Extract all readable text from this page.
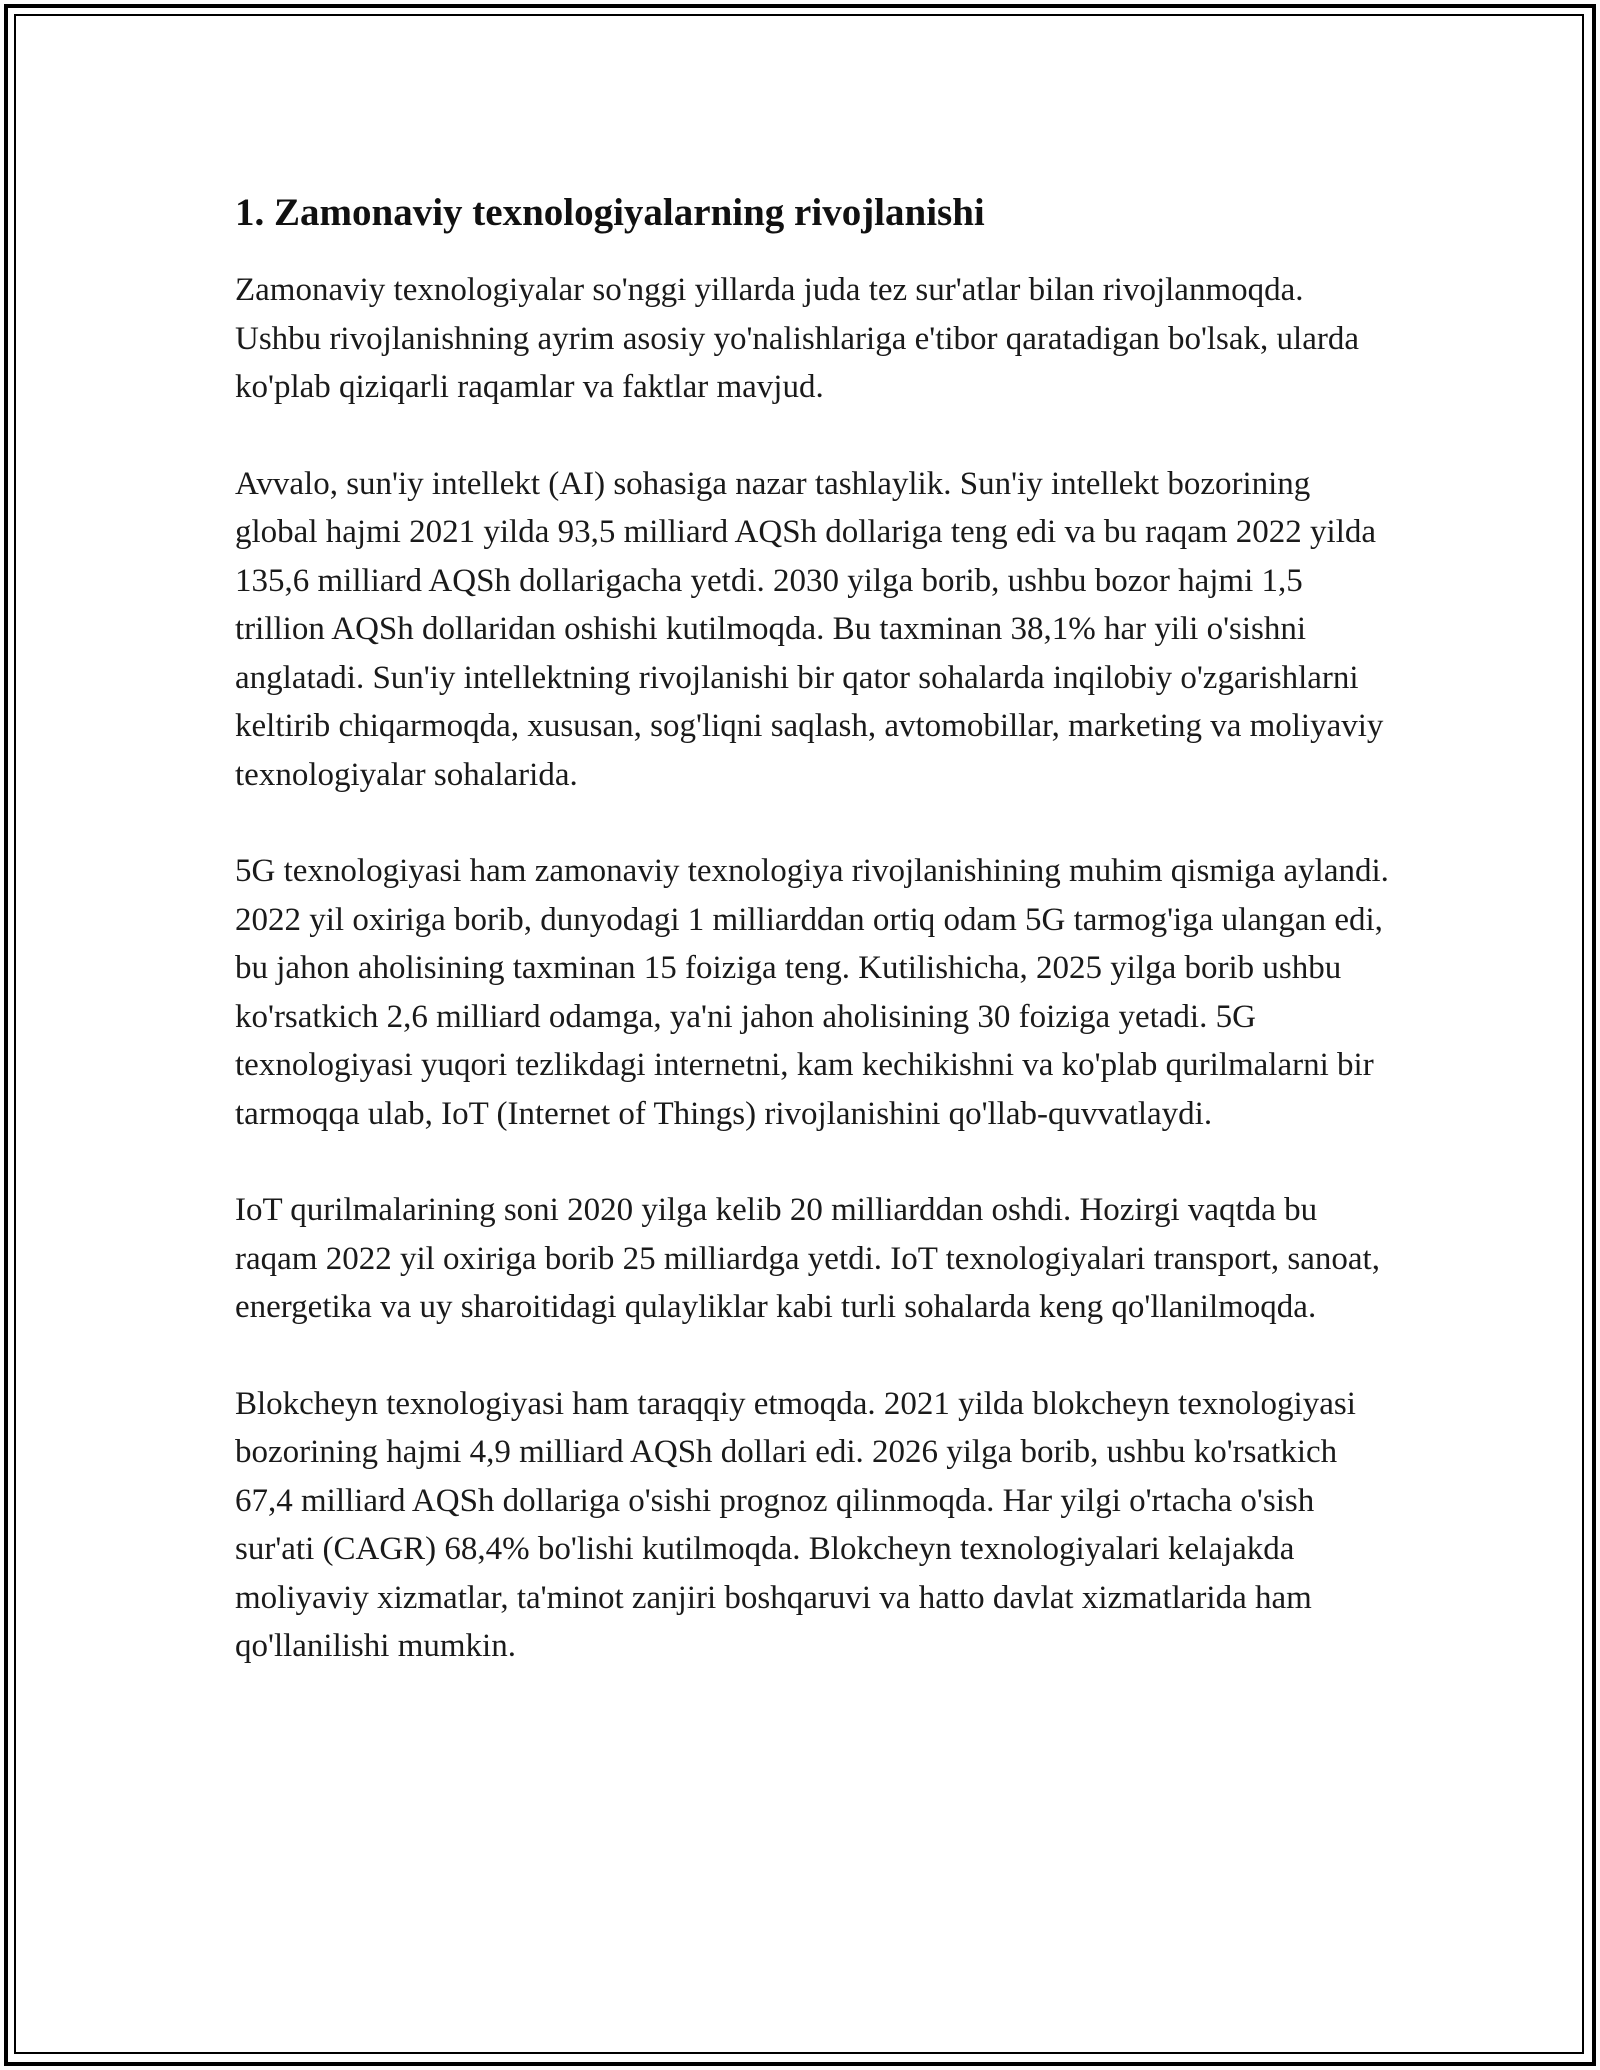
1. Zamonaviy texnologiyalarning rivojlanishi

Zamonaviy texnologiyalar so'nggi yillarda juda tez sur'atlar bilan rivojlanmoqda. Ushbu rivojlanishning ayrim asosiy yo'nalishlariga e'tibor qaratadigan bo'lsak, ularda ko'plab qiziqarli raqamlar va faktlar mavjud.

Avvalo, sun'iy intellekt (AI) sohasiga nazar tashlaylik. Sun'iy intellekt bozorining global hajmi 2021 yilda 93,5 milliard AQSh dollariga teng edi va bu raqam 2022 yilda 135,6 milliard AQSh dollarigacha yetdi. 2030 yilga borib, ushbu bozor hajmi 1,5 trillion AQSh dollaridan oshishi kutilmoqda. Bu taxminan 38,1% har yili o'sishni anglatadi. Sun'iy intellektning rivojlanishi bir qator sohalarda inqilobiy o'zgarishlarni keltirib chiqarmoqda, xususan, sog'liqni saqlash, avtomobillar, marketing va moliyaviy texnologiyalar sohalarida.

5G texnologiyasi ham zamonaviy texnologiya rivojlanishining muhim qismiga aylandi. 2022 yil oxiriga borib, dunyodagi 1 milliarddan ortiq odam 5G tarmog'iga ulangan edi, bu jahon aholisining taxminan 15 foiziga teng. Kutilishicha, 2025 yilga borib ushbu ko'rsatkich 2,6 milliard odamga, ya'ni jahon aholisining 30 foiziga yetadi. 5G texnologiyasi yuqori tezlikdagi internetni, kam kechikishni va ko'plab qurilmalarni bir tarmoqqa ulab, IoT (Internet of Things) rivojlanishini qo'llab-quvvatlaydi.

IoT qurilmalarining soni 2020 yilga kelib 20 milliarddan oshdi. Hozirgi vaqtda bu raqam 2022 yil oxiriga borib 25 milliardga yetdi. IoT texnologiyalari transport, sanoat, energetika va uy sharoitidagi qulayliklar kabi turli sohalarda keng qo'llanilmoqda.

Blokcheyn texnologiyasi ham taraqqiy etmoqda. 2021 yilda blokcheyn texnologiyasi bozorining hajmi 4,9 milliard AQSh dollari edi. 2026 yilga borib, ushbu ko'rsatkich 67,4 milliard AQSh dollariga o'sishi prognoz qilinmoqda. Har yilgi o'rtacha o'sish sur'ati (CAGR) 68,4% bo'lishi kutilmoqda. Blokcheyn texnologiyalari kelajakda moliyaviy xizmatlar, ta'minot zanjiri boshqaruvi va hatto davlat xizmatlarida ham qo'llanilishi mumkin.
